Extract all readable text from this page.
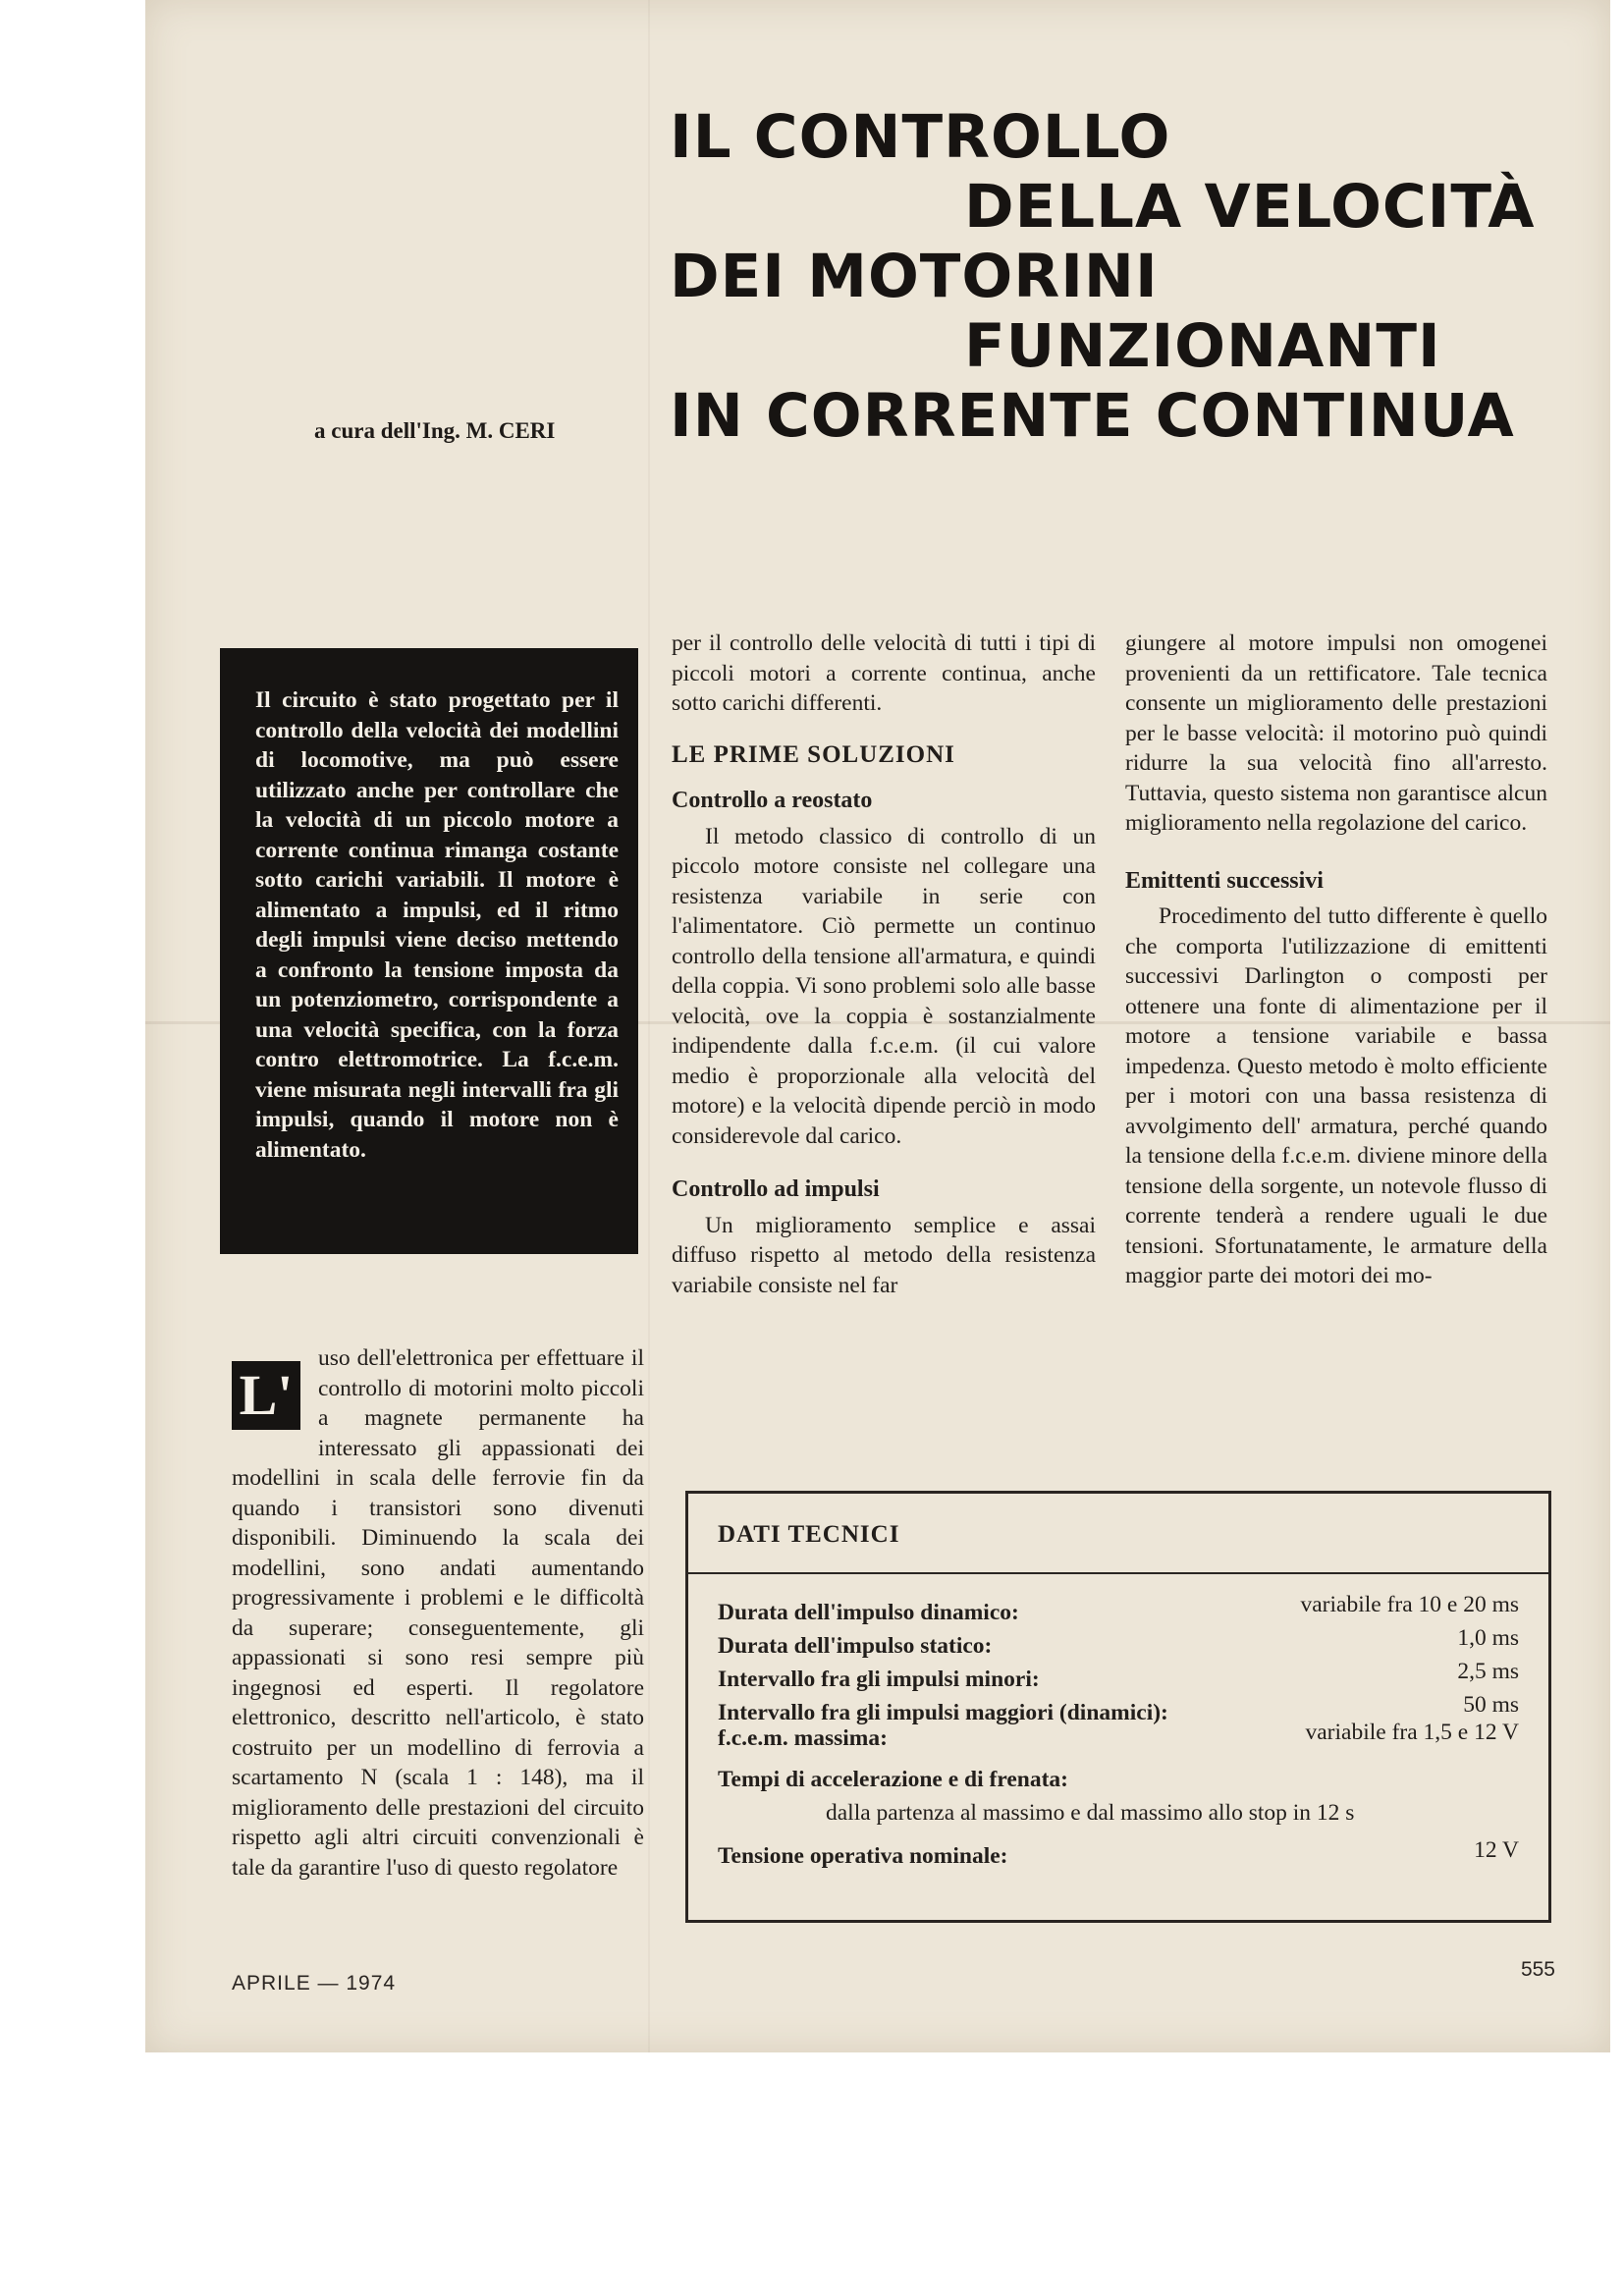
IL CONTROLLO
DELLA VELOCITÀ
DEI MOTORINI
FUNZIONANTI
IN CORRENTE CONTINUA
a cura dell'Ing. M. CERI
Il circuito è stato progettato per il controllo della velocità dei modellini di locomotive, ma può essere utilizzato anche per controllare che la velocità di un piccolo motore a corrente continua rimanga costante sotto carichi variabili. Il motore è alimentato a impulsi, ed il ritmo degli impulsi viene deciso mettendo a confronto la tensione imposta da un potenziometro, corrispondente a una velocità specifica, con la forza contro elettromotrice. La f.c.e.m. viene misurata negli intervalli fra gli impulsi, quando il motore non è alimentato.
L'
uso dell'elettronica per effettuare il controllo di motorini molto piccoli a magnete permanente ha interessato gli appassionati dei modellini in scala delle ferrovie fin da quando i transistori sono divenuti disponibili. Diminuendo la scala dei modellini, sono andati aumentando progressivamente i problemi e le difficoltà da superare; conseguentemente, gli appassionati si sono resi sempre più ingegnosi ed esperti. Il regolatore elettronico, descritto nell'articolo, è stato costruito per un modellino di ferrovia a scartamento N (scala 1 : 148), ma il miglioramento delle prestazioni del circuito rispetto agli altri circuiti convenzionali è tale da garantire l'uso di questo regolatore

per il controllo delle velocità di tutti i tipi di piccoli motori a corrente continua, anche sotto carichi differenti.

LE PRIME SOLUZIONI
Controllo a reostato

Il metodo classico di controllo di un piccolo motore consiste nel collegare una resistenza variabile in serie con l'alimentatore. Ciò permette un continuo controllo della tensione all'armatura, e quindi della coppia. Vi sono problemi solo alle basse velocità, ove la coppia è sostanzialmente indipendente dalla f.c.e.m. (il cui valore medio è proporzionale alla velocità del motore) e la velocità dipende perciò in modo considerevole dal carico.

Controllo ad impulsi

Un miglioramento semplice e assai diffuso rispetto al metodo della resistenza variabile consiste nel far

giungere al motore impulsi non omogenei provenienti da un rettificatore. Tale tecnica consente un miglioramento delle prestazioni per le basse velocità: il motorino può quindi ridurre la sua velocità fino all'arresto. Tuttavia, questo sistema non garantisce alcun miglioramento nella regolazione del carico.

Emittenti successivi

Procedimento del tutto differente è quello che comporta l'utilizzazione di emittenti successivi Darlington o composti per ottenere una fonte di alimentazione per il motore a tensione variabile e bassa impedenza. Questo metodo è molto efficiente per i motori con una bassa resistenza di avvolgimento dell' armatura, perché quando la tensione della f.c.e.m. diviene minore della tensione della sorgente, un notevole flusso di corrente tenderà a rendere uguali le due tensioni. Sfortunatamente, le armature della maggior parte dei motori dei mo-

DATI TECNICI
Durata dell'impulso dinamico:	variabile fra 10 e 20 ms
Durata dell'impulso statico:	1,0 ms
Intervallo fra gli impulsi minori:	2,5 ms
Intervallo fra gli impulsi maggiori (dinamici):	50 ms
f.c.e.m. massima:	variabile fra 1,5 e 12 V
Tempi di accelerazione e di frenata:
dalla partenza al massimo e dal massimo allo stop in 12 s
Tensione operativa nominale:	12 V
APRILE — 1974
555
